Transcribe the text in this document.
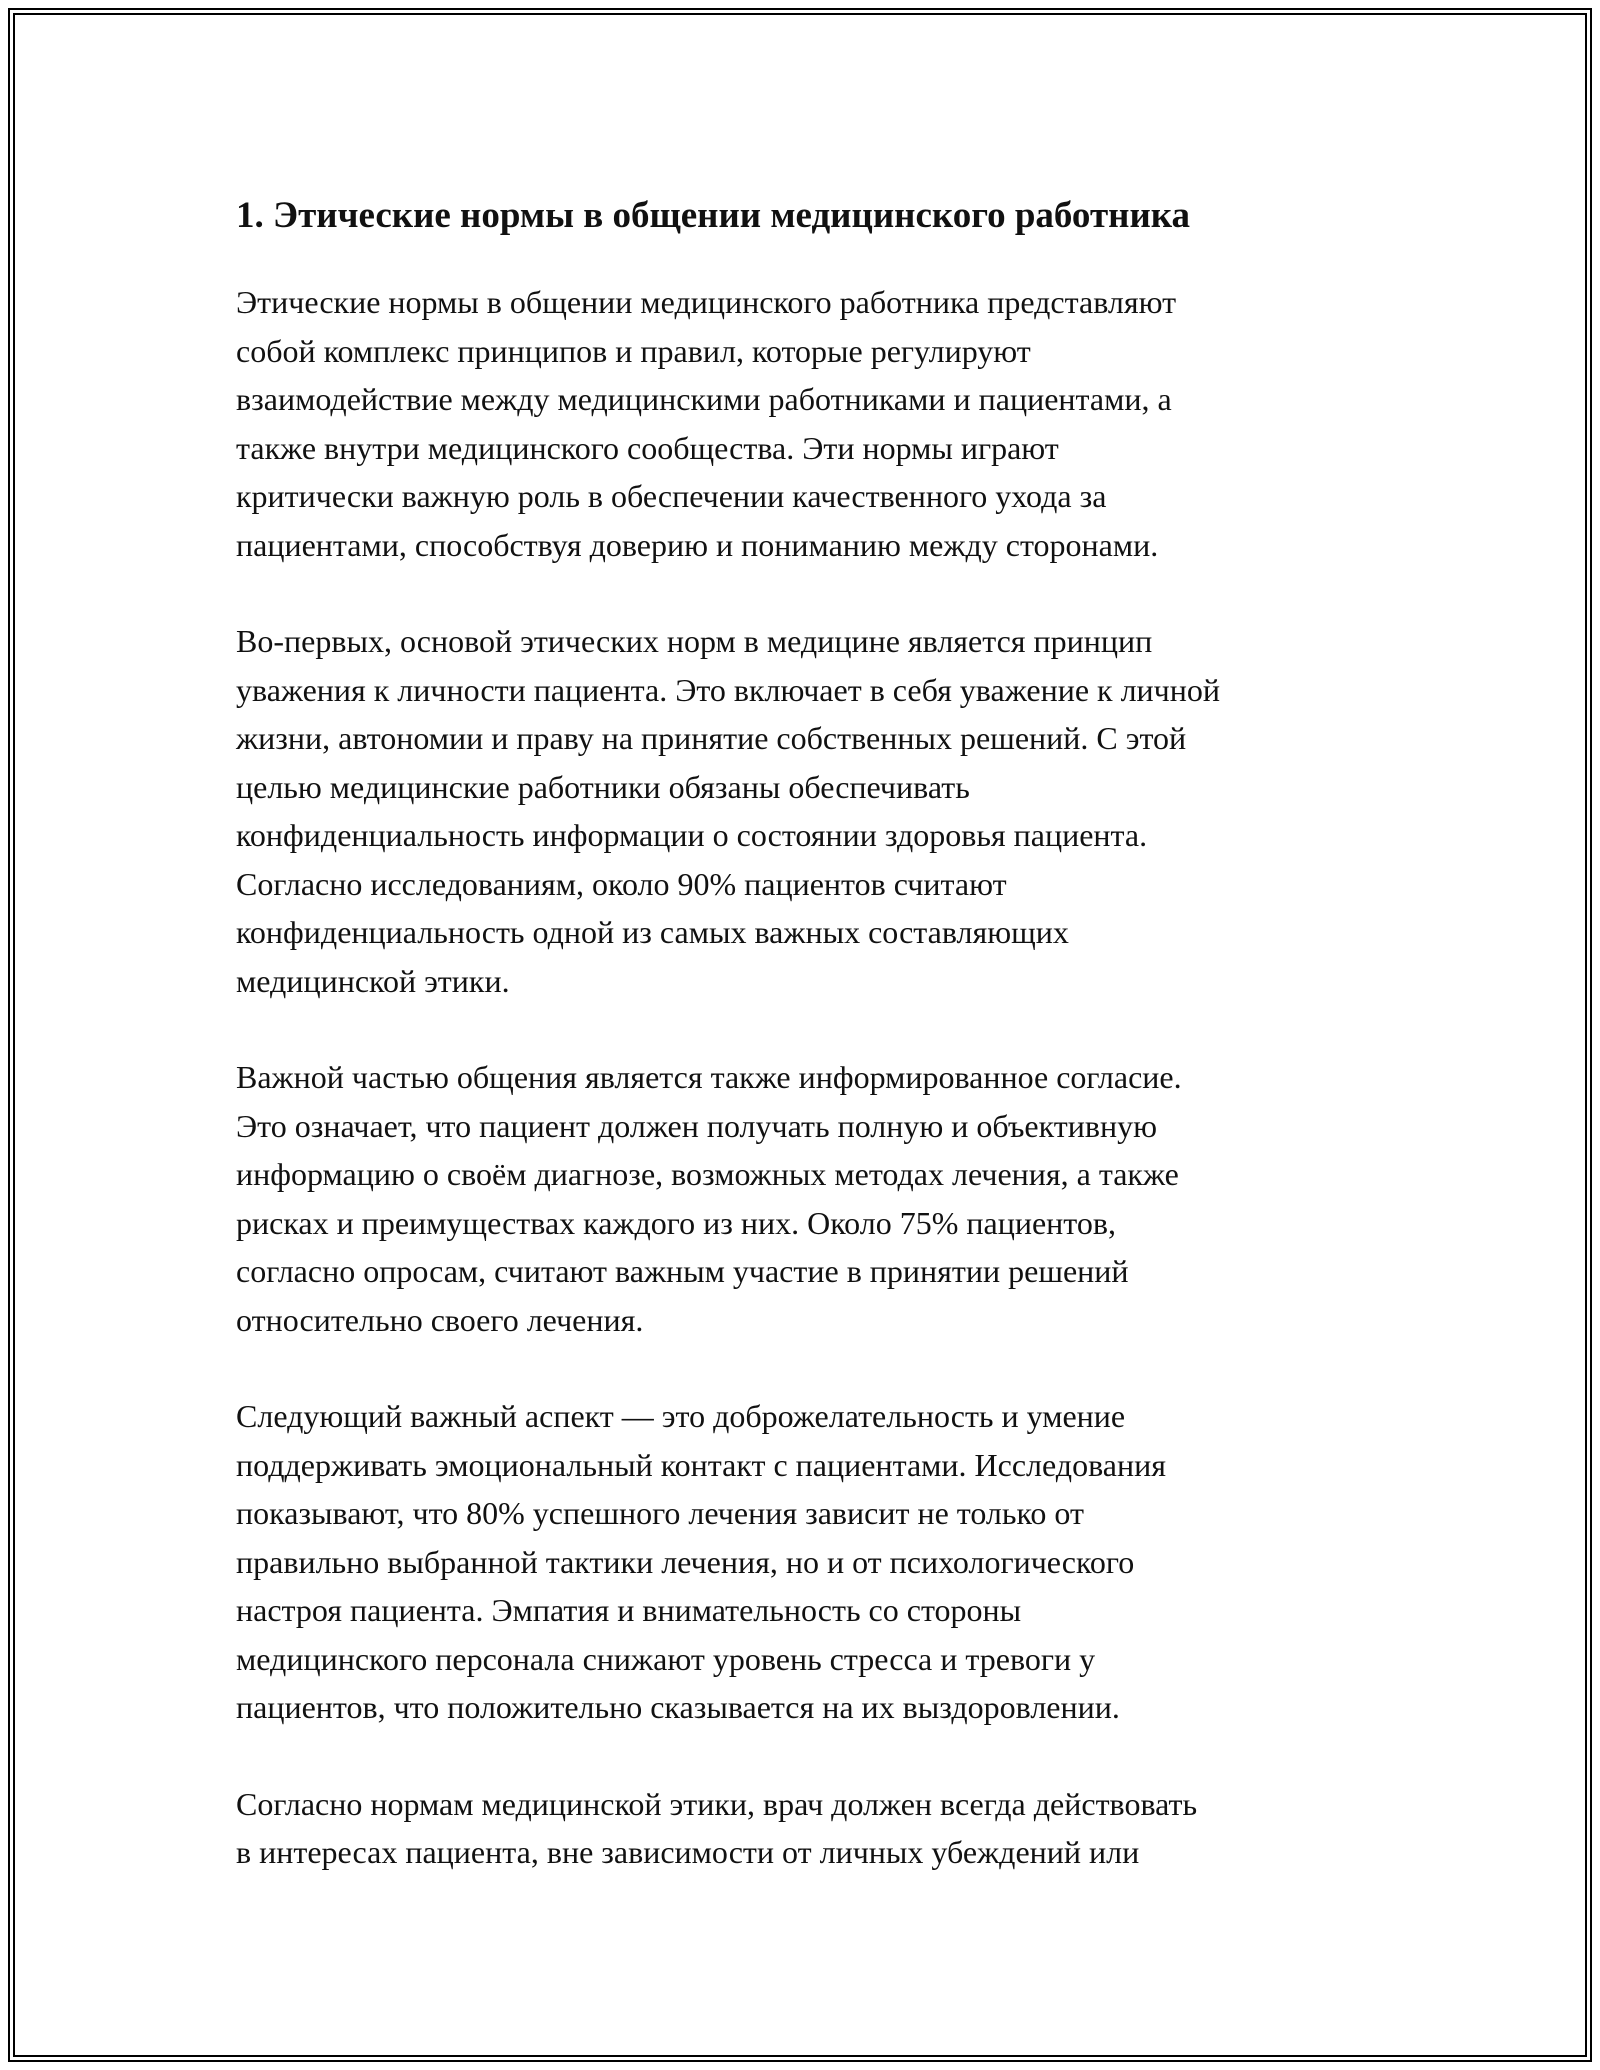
1. Этические нормы в общении медицинского работника

Этические нормы в общении медицинского работника представляют
собой комплекс принципов и правил, которые регулируют
взаимодействие между медицинскими работниками и пациентами, а
также внутри медицинского сообщества. Эти нормы играют
критически важную роль в обеспечении качественного ухода за
пациентами, способствуя доверию и пониманию между сторонами.

Во-первых, основой этических норм в медицине является принцип
уважения к личности пациента. Это включает в себя уважение к личной
жизни, автономии и праву на принятие собственных решений. С этой
целью медицинские работники обязаны обеспечивать
конфиденциальность информации о состоянии здоровья пациента.
Согласно исследованиям, около 90% пациентов считают
конфиденциальность одной из самых важных составляющих
медицинской этики.

Важной частью общения является также информированное согласие.
Это означает, что пациент должен получать полную и объективную
информацию о своём диагнозе, возможных методах лечения, а также
рисках и преимуществах каждого из них. Около 75% пациентов,
согласно опросам, считают важным участие в принятии решений
относительно своего лечения.

Следующий важный аспект — это доброжелательность и умение
поддерживать эмоциональный контакт с пациентами. Исследования
показывают, что 80% успешного лечения зависит не только от
правильно выбранной тактики лечения, но и от психологического
настроя пациента. Эмпатия и внимательность со стороны
медицинского персонала снижают уровень стресса и тревоги у
пациентов, что положительно сказывается на их выздоровлении.

Согласно нормам медицинской этики, врач должен всегда действовать
в интересах пациента, вне зависимости от личных убеждений или
